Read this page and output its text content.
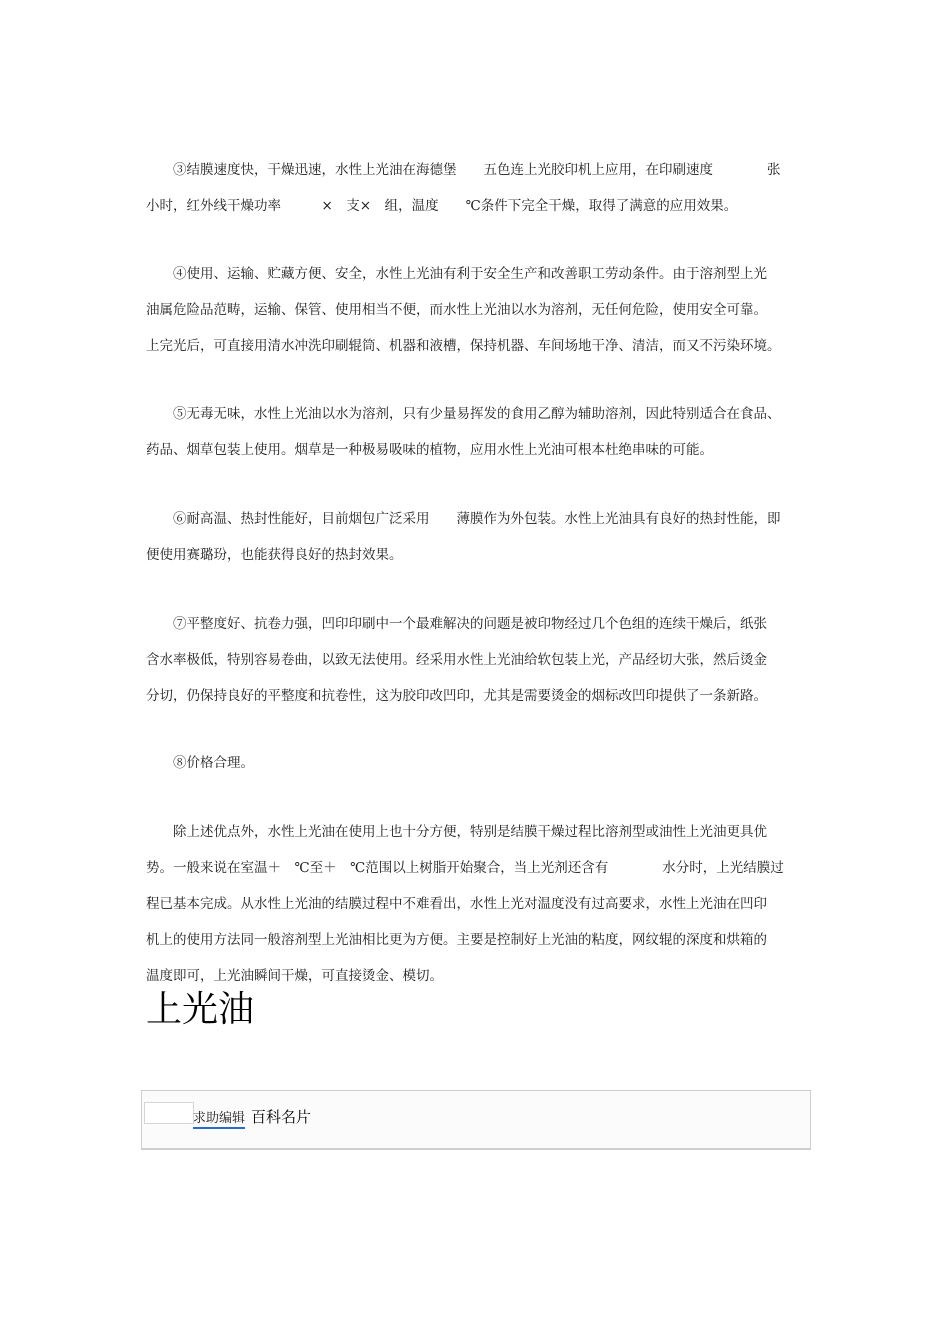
③结膜速度快，干燥迅速，水性上光油在海德堡　　五色连上光胶印机上应用，在印刷速度　　　　张
小时，红外线干燥功率　　　×　支×　组，温度　　℃条件下完全干燥，取得了满意的应用效果。
④使用、运输、贮藏方便、安全，水性上光油有利于安全生产和改善职工劳动条件。由于溶剂型上光
油属危险品范畴，运输、保管、使用相当不便，而水性上光油以水为溶剂，无任何危险，使用安全可靠。
上完光后，可直接用清水冲洗印刷辊筒、机器和液槽，保持机器、车间场地干净、清洁，而又不污染环境。
⑤无毒无味，水性上光油以水为溶剂，只有少量易挥发的食用乙醇为辅助溶剂，因此特别适合在食品、
药品、烟草包装上使用。烟草是一种极易吸味的植物，应用水性上光油可根本杜绝串味的可能。
⑥耐高温、热封性能好，目前烟包广泛采用　　薄膜作为外包装。水性上光油具有良好的热封性能，即
便使用赛璐玢，也能获得良好的热封效果。
⑦平整度好、抗卷力强，凹印印刷中一个最难解决的问题是被印物经过几个色组的连续干燥后，纸张
含水率极低，特别容易卷曲，以致无法使用。经采用水性上光油给软包装上光，产品经切大张，然后烫金
分切，仍保持良好的平整度和抗卷性，这为胶印改凹印，尤其是需要烫金的烟标改凹印提供了一条新路。
⑧价格合理。
除上述优点外，水性上光油在使用上也十分方便，特别是结膜干燥过程比溶剂型或油性上光油更具优
势。一般来说在室温＋　℃至＋　℃范围以上树脂开始聚合，当上光剂还含有　　　　水分时，上光结膜过
程已基本完成。从水性上光油的结膜过程中不难看出，水性上光对温度没有过高要求，水性上光油在凹印
机上的使用方法同一般溶剂型上光油相比更为方便。主要是控制好上光油的粘度，网纹辊的深度和烘箱的
温度即可，上光油瞬间干燥，可直接烫金、模切。
上光油
求助编辑 百科名片
